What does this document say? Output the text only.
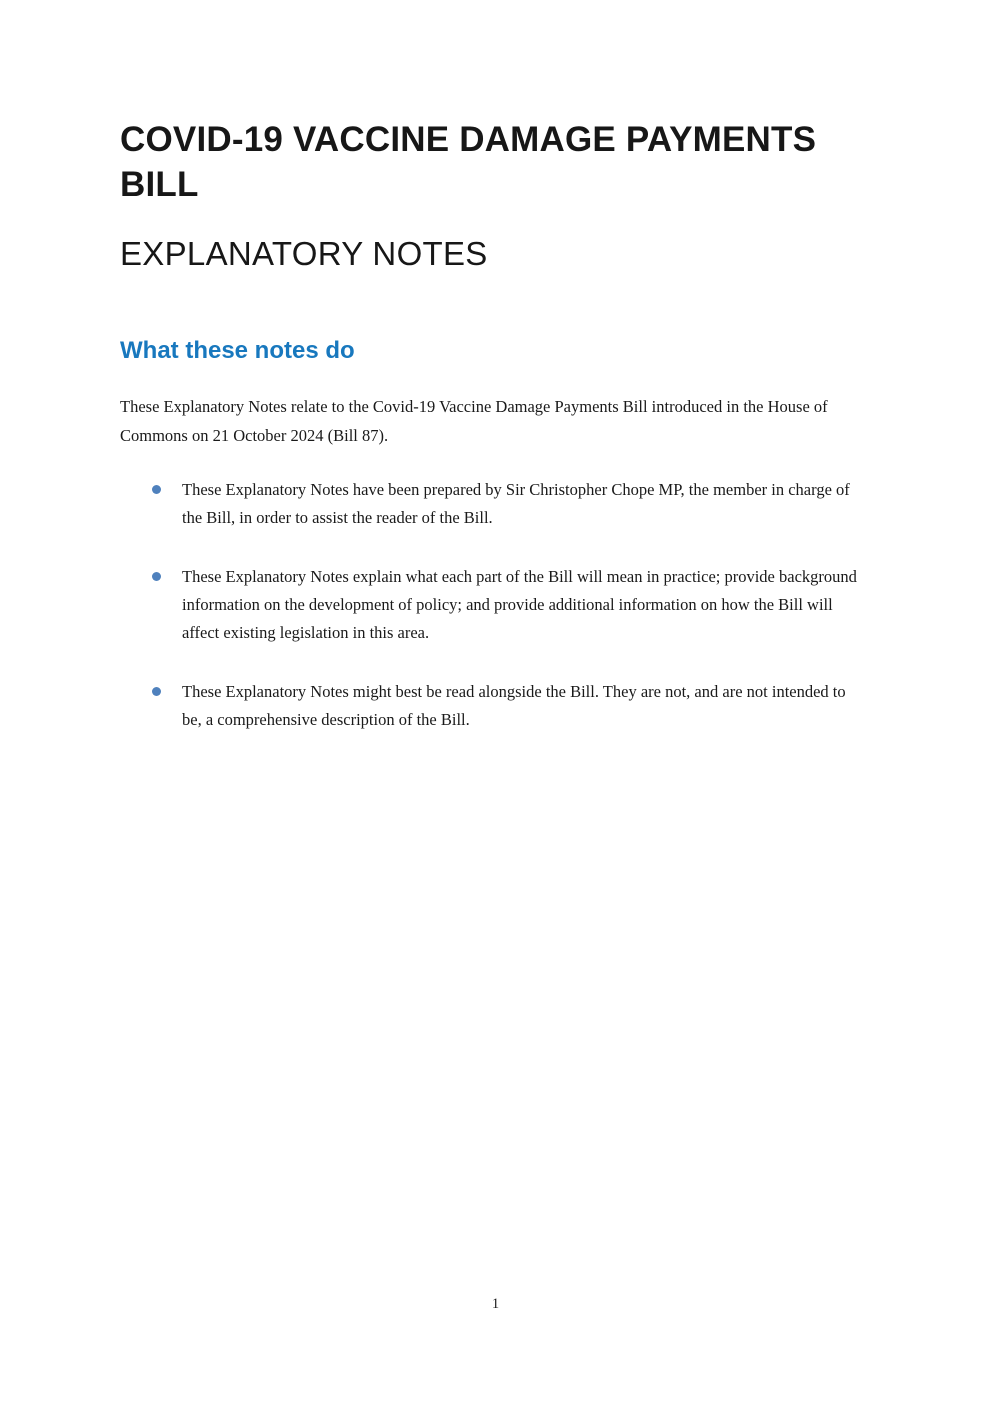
COVID-19 VACCINE DAMAGE PAYMENTS BILL
EXPLANATORY NOTES
What these notes do

These Explanatory Notes relate to the Covid-19 Vaccine Damage Payments Bill introduced in the House of Commons on 21 October 2024 (Bill 87).

These Explanatory Notes have been prepared by Sir Christopher Chope MP, the member in charge of the Bill, in order to assist the reader of the Bill.
These Explanatory Notes explain what each part of the Bill will mean in practice; provide background information on the development of policy; and provide additional information on how the Bill will affect existing legislation in this area.
These Explanatory Notes might best be read alongside the Bill. They are not, and are not intended to be, a comprehensive description of the Bill.
1
